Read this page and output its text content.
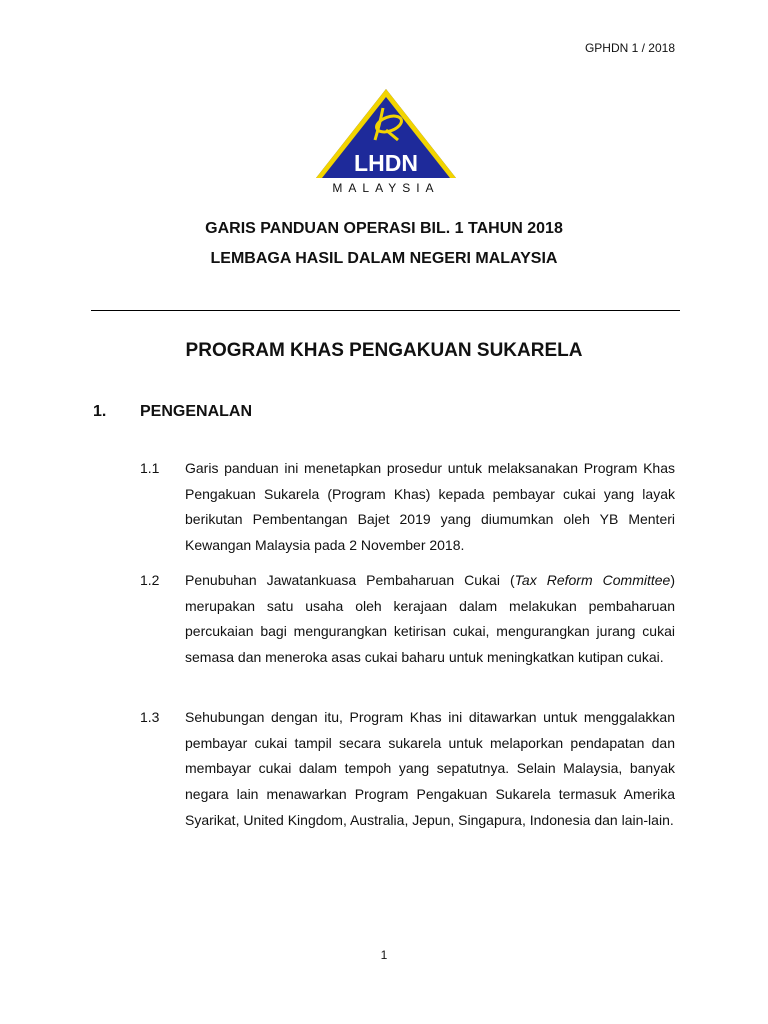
GPHDN 1 / 2018
LHDN
MALAYSIA
GARIS PANDUAN OPERASI BIL. 1 TAHUN 2018
LEMBAGA HASIL DALAM NEGERI MALAYSIA
PROGRAM KHAS PENGAKUAN SUKARELA
1. PENGENALAN
1.1 Garis panduan ini menetapkan prosedur untuk melaksanakan Program Khas Pengakuan Sukarela (Program Khas) kepada pembayar cukai yang layak berikutan Pembentangan Bajet 2019 yang diumumkan oleh YB Menteri Kewangan Malaysia pada 2 November 2018.
1.2 Penubuhan Jawatankuasa Pembaharuan Cukai (Tax Reform Committee) merupakan satu usaha oleh kerajaan dalam melakukan pembaharuan percukaian bagi mengurangkan ketirisan cukai, mengurangkan jurang cukai semasa dan meneroka asas cukai baharu untuk meningkatkan kutipan cukai.
1.3 Sehubungan dengan itu, Program Khas ini ditawarkan untuk menggalakkan pembayar cukai tampil secara sukarela untuk melaporkan pendapatan dan membayar cukai dalam tempoh yang sepatutnya. Selain Malaysia, banyak negara lain menawarkan Program Pengakuan Sukarela termasuk Amerika Syarikat, United Kingdom, Australia, Jepun, Singapura, Indonesia dan lain-lain.
1
